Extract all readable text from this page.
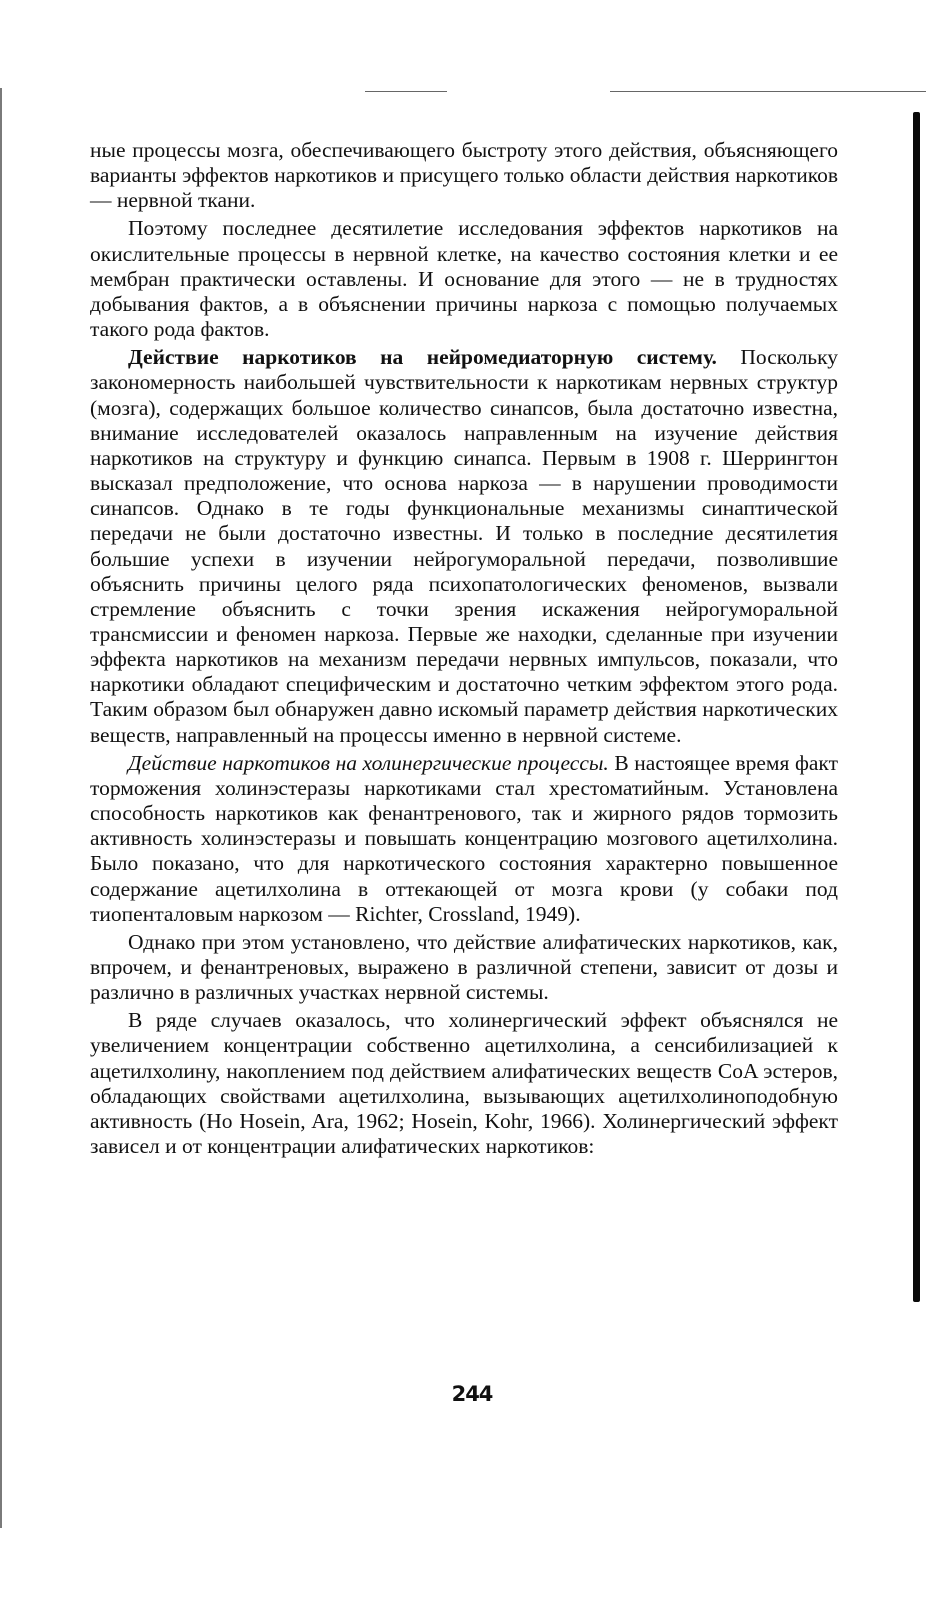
ные процессы мозга, обеспечивающего быстроту этого действия, объясняющего варианты эффектов наркотиков и присущего только области действия наркотиков — нервной ткани.

Поэтому последнее десятилетие исследования эффектов наркотиков на окислительные процессы в нервной клетке, на качество состояния клетки и ее мембран практически оставлены. И основание для этого — не в трудностях добывания фактов, а в объяснении причины наркоза с помощью получаемых такого рода фактов.

Действие наркотиков на нейромедиаторную систему. Поскольку закономерность наибольшей чувствительности к наркотикам нервных структур (мозга), содержащих большое количество синапсов, была достаточно известна, внимание исследователей оказалось направленным на изучение действия наркотиков на структуру и функцию синапса. Первым в 1908 г. Шеррингтон высказал предположение, что основа наркоза — в нарушении проводимости синапсов. Однако в те годы функциональные механизмы синаптической передачи не были достаточно известны. И только в последние десятилетия большие успехи в изучении нейрогуморальной передачи, позволившие объяснить причины целого ряда психопатологических феноменов, вызвали стремление объяснить с точки зрения искажения нейрогуморальной трансмиссии и феномен наркоза. Первые же находки, сделанные при изучении эффекта наркотиков на механизм передачи нервных импульсов, показали, что наркотики обладают специфическим и достаточно четким эффектом этого рода. Таким образом был обнаружен давно искомый параметр действия наркотических веществ, направленный на процессы именно в нервной системе.

Действие наркотиков на холинергические процессы. В настоящее время факт торможения холинэстеразы наркотиками стал хрестоматийным. Установлена способность наркотиков как фенантренового, так и жирного рядов тормозить активность холинэстеразы и повышать концентрацию мозгового ацетилхолина. Было показано, что для наркотического состояния характерно повышенное содержание ацетилхолина в оттекающей от мозга крови (у собаки под тиопенталовым наркозом — Richter, Crossland, 1949).

Однако при этом установлено, что действие алифатических наркотиков, как, впрочем, и фенантреновых, выражено в различной степени, зависит от дозы и различно в различных участках нервной системы.

В ряде случаев оказалось, что холинергический эффект объяснялся не увеличением концентрации собственно ацетилхолина, а сенсибилизацией к ацетилхолину, накоплением под действием алифатических веществ CoA эстеров, обладающих свойствами ацетилхолина, вызывающих ацетилхолиноподобную активность (Ho Hosein, Ara, 1962; Hosein, Kohr, 1966). Холинергический эффект зависел и от концентрации алифатических наркотиков:

244
